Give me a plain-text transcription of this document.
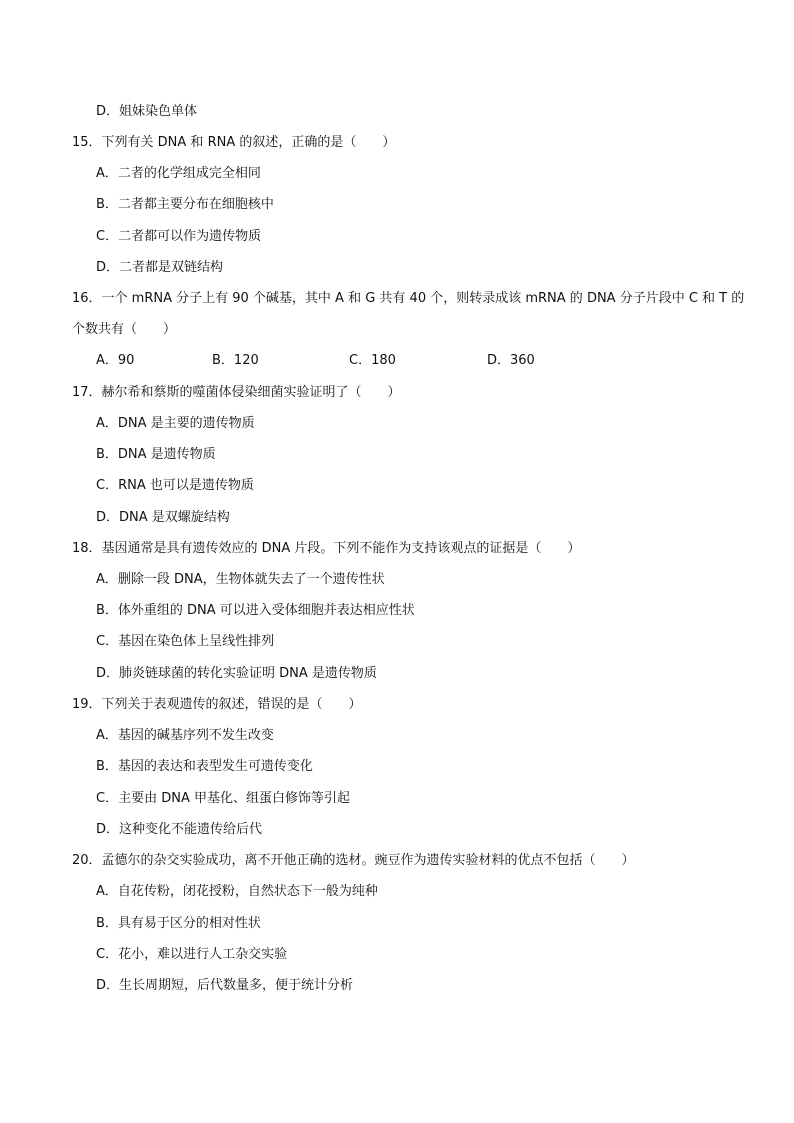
D．姐妹染色单体
15．下列有关 DNA 和 RNA 的叙述，正确的是（　　）
A．二者的化学组成完全相同
B．二者都主要分布在细胞核中
C．二者都可以作为遗传物质
D．二者都是双链结构
16．一个 mRNA 分子上有 90 个碱基，其中 A 和 G 共有 40 个，则转录成该 mRNA 的 DNA 分子片段中 C 和 T 的
个数共有（　　）
A．90	B．120	C．180	D．360
17．赫尔希和蔡斯的噬菌体侵染细菌实验证明了（　　）
A．DNA 是主要的遗传物质
B．DNA 是遗传物质
C．RNA 也可以是遗传物质
D．DNA 是双螺旋结构
18．基因通常是具有遗传效应的 DNA 片段。下列不能作为支持该观点的证据是（　　）
A．删除一段 DNA，生物体就失去了一个遗传性状
B．体外重组的 DNA 可以进入受体细胞并表达相应性状
C．基因在染色体上呈线性排列
D．肺炎链球菌的转化实验证明 DNA 是遗传物质
19．下列关于表观遗传的叙述，错误的是（　　）
A．基因的碱基序列不发生改变
B．基因的表达和表型发生可遗传变化
C．主要由 DNA 甲基化、组蛋白修饰等引起
D．这种变化不能遗传给后代
20．孟德尔的杂交实验成功，离不开他正确的选材。豌豆作为遗传实验材料的优点不包括（　　）
A．自花传粉，闭花授粉，自然状态下一般为纯种
B．具有易于区分的相对性状
C．花小，难以进行人工杂交实验
D．生长周期短，后代数量多，便于统计分析
